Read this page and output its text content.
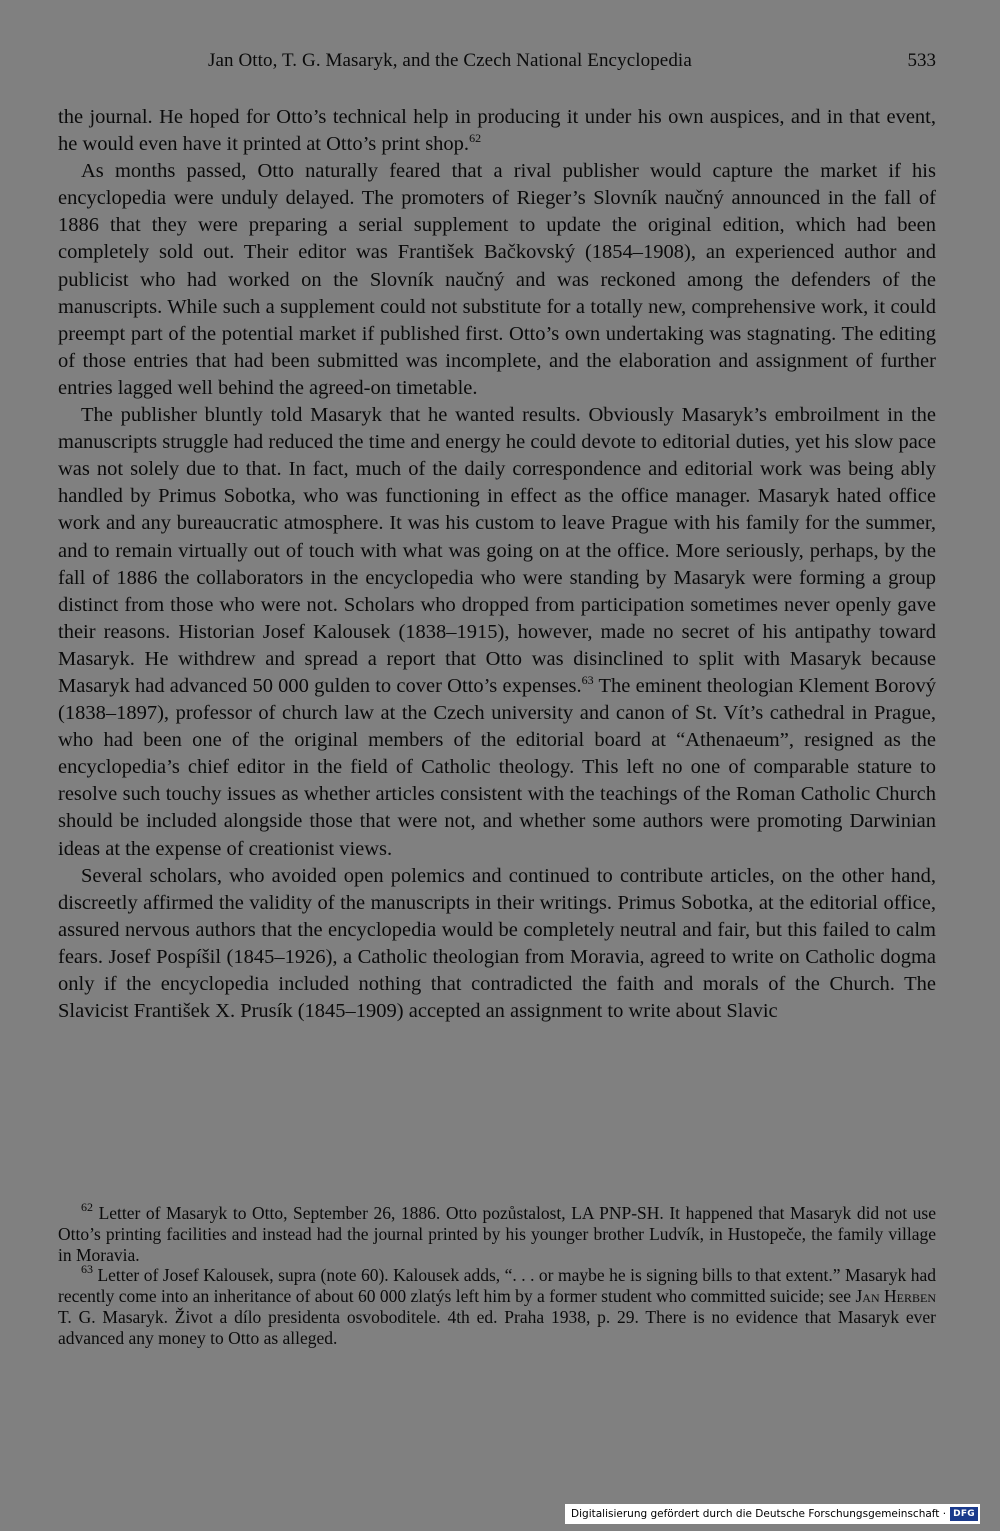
Jan Otto, T. G. Masaryk, and the Czech National Encyclopedia	533

the journal. He hoped for Otto’s technical help in producing it under his own auspices, and in that event, he would even have it printed at Otto’s print shop.$^{62}$

As months passed, Otto naturally feared that a rival publisher would capture the market if his encyclopedia were unduly delayed. The promoters of Rieger’s Slovník naučný announced in the fall of 1886 that they were preparing a serial supplement to update the original edition, which had been completely sold out. Their editor was František Bačkovský (1854–1908), an experienced author and publicist who had worked on the Slovník naučný and was reckoned among the defenders of the manuscripts. While such a supplement could not substitute for a totally new, comprehensive work, it could preempt part of the potential market if published first. Otto’s own undertaking was stagnating. The editing of those entries that had been submitted was incomplete, and the elaboration and assignment of further entries lagged well behind the agreed-on timetable.

The publisher bluntly told Masaryk that he wanted results. Obviously Masaryk’s embroilment in the manuscripts struggle had reduced the time and energy he could devote to editorial duties, yet his slow pace was not solely due to that. In fact, much of the daily correspondence and editorial work was being ably handled by Primus Sobotka, who was functioning in effect as the office manager. Masaryk hated office work and any bureaucratic atmosphere. It was his custom to leave Prague with his family for the summer, and to remain virtually out of touch with what was going on at the office. More seriously, perhaps, by the fall of 1886 the collaborators in the encyclopedia who were standing by Masaryk were forming a group distinct from those who were not. Scholars who dropped from participation sometimes never openly gave their reasons. Historian Josef Kalousek (1838–1915), however, made no secret of his antipathy toward Masaryk. He withdrew and spread a report that Otto was disinclined to split with Masaryk because Masaryk had advanced 50 000 gulden to cover Otto’s expenses.$^{63}$ The eminent theologian Klement Borový (1838–1897), professor of church law at the Czech university and canon of St. Vít’s cathedral in Prague, who had been one of the original members of the editorial board at “Athenaeum”, resigned as the encyclopedia’s chief editor in the field of Catholic theology. This left no one of comparable stature to resolve such touchy issues as whether articles consistent with the teachings of the Roman Catholic Church should be included alongside those that were not, and whether some authors were promoting Darwinian ideas at the expense of creationist views.

Several scholars, who avoided open polemics and continued to contribute articles, on the other hand, discreetly affirmed the validity of the manuscripts in their writings. Primus Sobotka, at the editorial office, assured nervous authors that the encyclopedia would be completely neutral and fair, but this failed to calm fears. Josef Pospíšil (1845–1926), a Catholic theologian from Moravia, agreed to write on Catholic dogma only if the encyclopedia included nothing that contradicted the faith and morals of the Church. The Slavicist František X. Prusík (1845–1909) accepted an assignment to write about Slavic

$^{62}$ Letter of Masaryk to Otto, September 26, 1886. Otto pozůstalost, LA PNP-SH. It happened that Masaryk did not use Otto’s printing facilities and instead had the journal printed by his younger brother Ludvík, in Hustopeče, the family village in Moravia.

$^{63}$ Letter of Josef Kalousek, supra (note 60). Kalousek adds, “. . . or maybe he is signing bills to that extent.” Masaryk had recently come into an inheritance of about 60 000 zlatýs left him by a former student who committed suicide; see Jan Herben T. G. Masaryk. Život a dílo presidenta osvoboditele. 4th ed. Praha 1938, p. 29. There is no evidence that Masaryk ever advanced any money to Otto as alleged.

Digitalisierung gefördert durch die Deutsche Forschungsgemeinschaft · DFG
